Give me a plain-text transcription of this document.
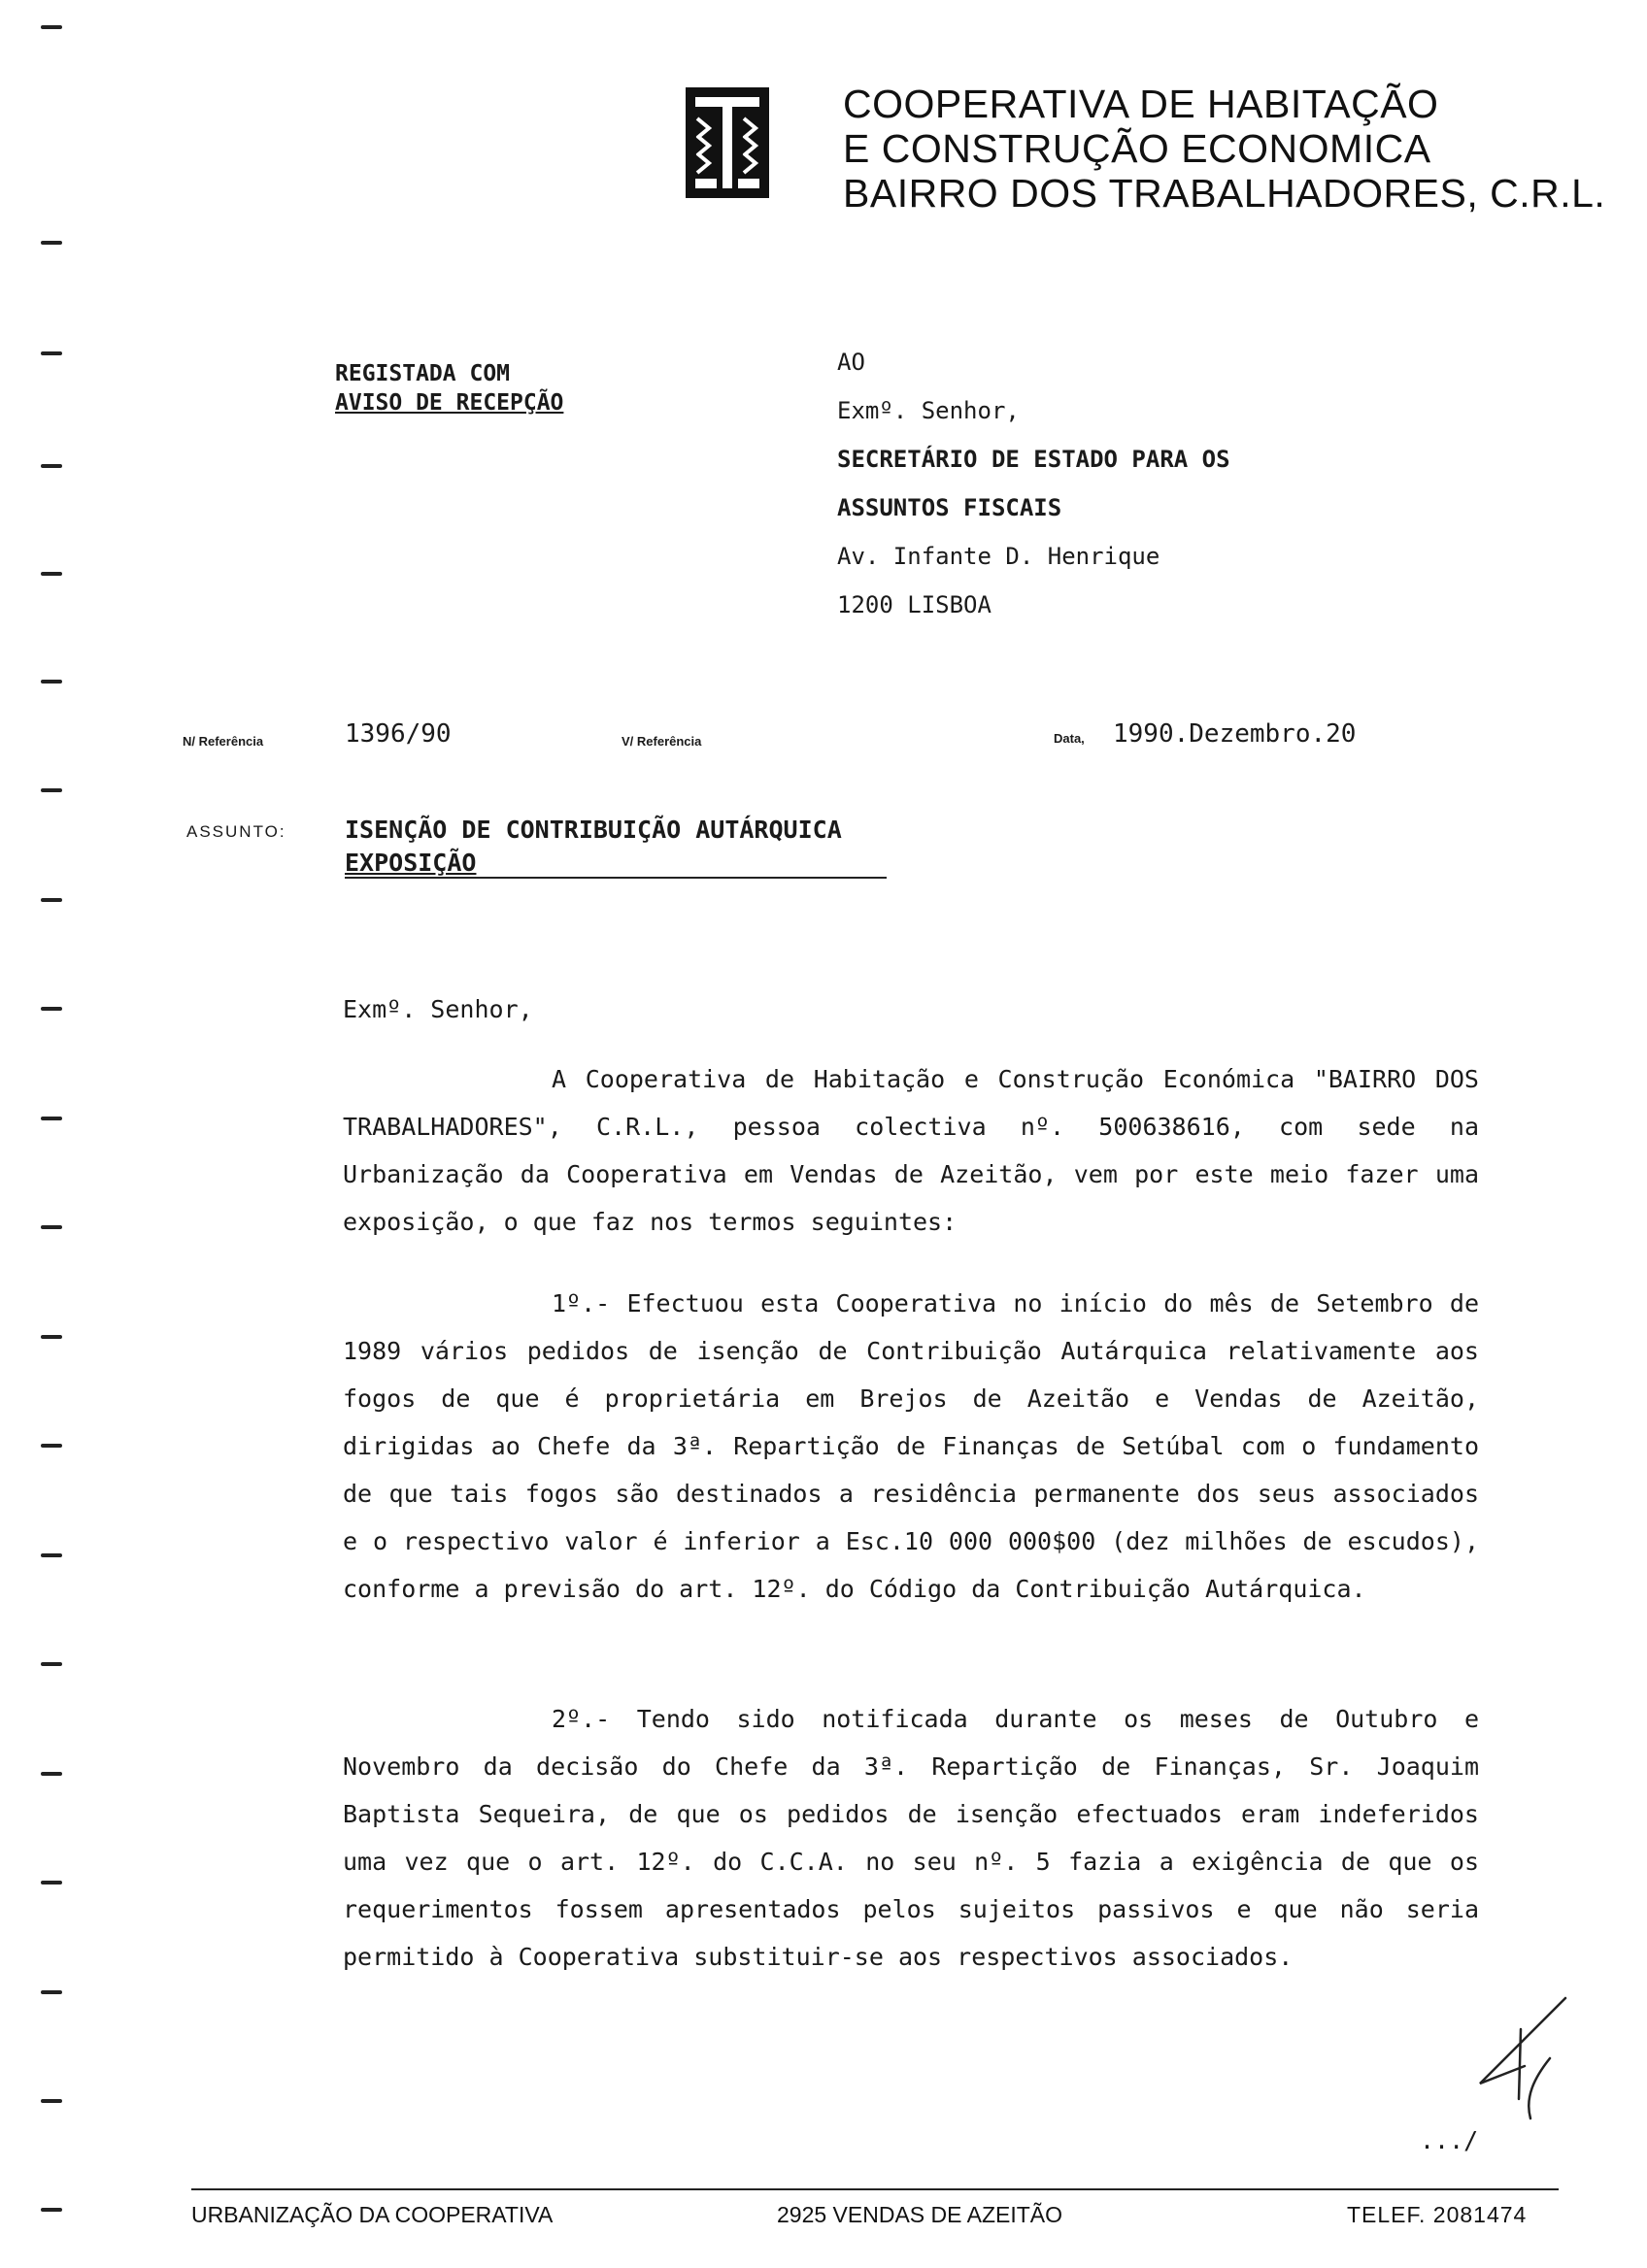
COOPERATIVA DE HABITAÇÃO
E CONSTRUÇÃO ECONOMICA
BAIRRO DOS TRABALHADORES, C.R.L.
REGISTADA COM
AVISO DE RECEPÇÃO
AO
Exmº. Senhor,
SECRETÁRIO DE ESTADO PARA OS
ASSUNTOS FISCAIS
Av. Infante D. Henrique
1200 LISBOA
N/ Referência	1396/90	V/ Referência	Data, 1990.Dezembro.20
ASSUNTO: ISENÇÃO DE CONTRIBUIÇÃO AUTÁRQUICA
EXPOSIÇÃO
Exmº. Senhor,

A Cooperativa de Habitação e Construção Económica "BAIRRO DOS TRABALHADORES", C.R.L., pessoa colectiva nº. 500638616, com sede na Urbanização da Cooperativa em Vendas de Azeitão, vem por este meio fazer uma exposição, o que faz nos termos seguintes:

1º.- Efectuou esta Cooperativa no início do mês de Setembro de 1989 vários pedidos de isenção de Contribuição Autárquica relativamente aos fogos de que é proprietária em Brejos de Azeitão e Vendas de Azeitão, dirigidas ao Chefe da 3ª. Repartição de Finanças de Setúbal com o fundamento de que tais fogos são destinados a residência permanente dos seus associados e o respectivo valor é inferior a Esc.10 000 000$00 (dez milhões de escudos), conforme a previsão do art. 12º. do Código da Contribuição Autárquica.

2º.- Tendo sido notificada durante os meses de Outubro e Novembro da decisão do Chefe da 3ª. Repartição de Finanças, Sr. Joaquim Baptista Sequeira, de que os pedidos de isenção efectuados eram indeferidos uma vez que o art. 12º. do C.C.A. no seu nº. 5 fazia a exigência de que os requerimentos fossem apresentados pelos sujeitos passivos e que não seria permitido à Cooperativa substituir-se aos respectivos associados.

.../
URBANIZAÇÃO DA COOPERATIVA	2925 VENDAS DE AZEITÃO	TELEF. 2081474
